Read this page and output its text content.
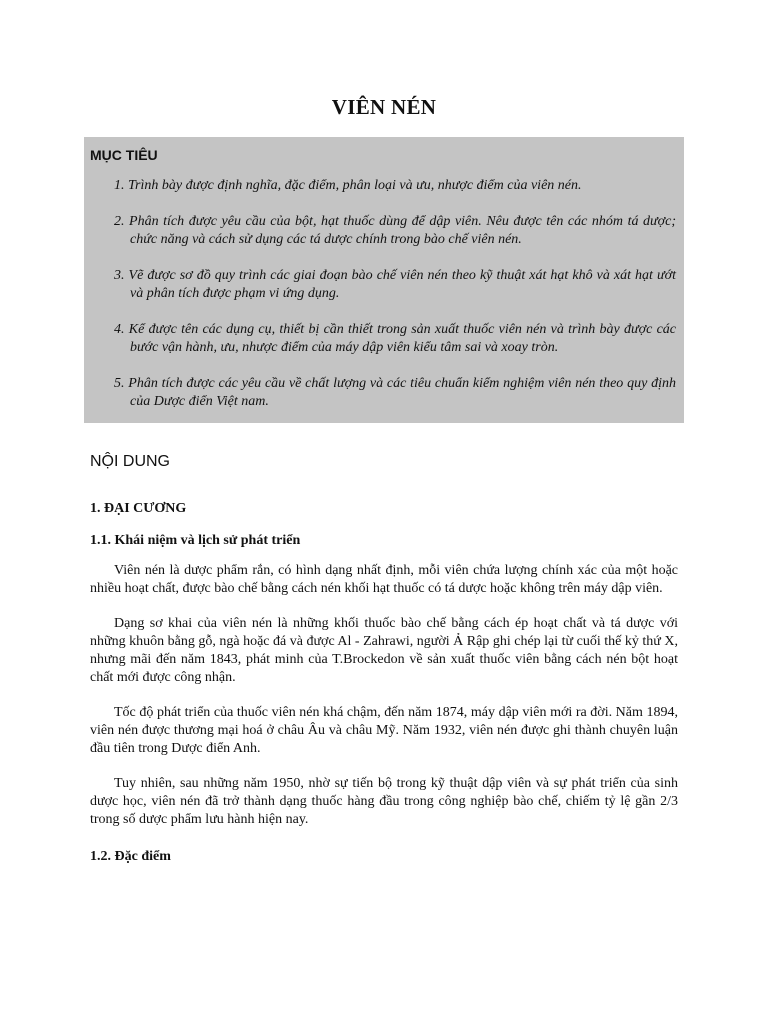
VIÊN NÉN
MỤC TIÊU
1. Trình bày được định nghĩa, đặc điểm, phân loại và ưu, nhược điểm của viên nén.
2. Phân tích được yêu cầu của bột, hạt thuốc dùng để dập viên. Nêu được tên các nhóm tá dược; chức năng và cách sử dụng các tá dược chính trong bào chế viên nén.
3. Vẽ được sơ đồ quy trình các giai đoạn bào chế viên nén theo kỹ thuật xát hạt khô và xát hạt ướt và phân tích được phạm vi ứng dụng.
4. Kể được tên các dụng cụ, thiết bị cần thiết trong sản xuất thuốc viên nén và trình bày được các bước vận hành, ưu, nhược điểm của máy dập viên kiểu tâm sai và xoay tròn.
5. Phân tích được các yêu cầu về chất lượng và các tiêu chuẩn kiểm nghiệm viên nén theo quy định của Dược điển Việt nam.
NỘI DUNG
1. ĐẠI CƯƠNG
1.1. Khái niệm và lịch sử phát triển

Viên nén là dược phẩm rắn, có hình dạng nhất định, mỗi viên chứa lượng chính xác của một hoặc nhiều hoạt chất, được bào chế bằng cách nén khối hạt thuốc có tá dược hoặc không trên máy dập viên.

Dạng sơ khai của viên nén là những khối thuốc bào chế bằng cách ép hoạt chất và tá dược với những khuôn bằng gỗ, ngà hoặc đá và được Al - Zahrawi, người Ả Rập ghi chép lại từ cuối thế kỷ thứ X, nhưng mãi đến năm 1843, phát minh của T.Brockedon về sản xuất thuốc viên bằng cách nén bột hoạt chất mới được công nhận.

Tốc độ phát triển của thuốc viên nén khá chậm, đến năm 1874, máy dập viên mới ra đời. Năm 1894, viên nén được thương mại hoá ở châu Âu và châu Mỹ. Năm 1932, viên nén được ghi thành chuyên luận đầu tiên trong Dược điển Anh.

Tuy nhiên, sau những năm 1950, nhờ sự tiến bộ trong kỹ thuật dập viên và sự phát triển của sinh dược học, viên nén đã trở thành dạng thuốc hàng đầu trong công nghiệp bào chế, chiếm tỷ lệ gần 2/3 trong số dược phẩm lưu hành hiện nay.

1.2. Đặc điểm
